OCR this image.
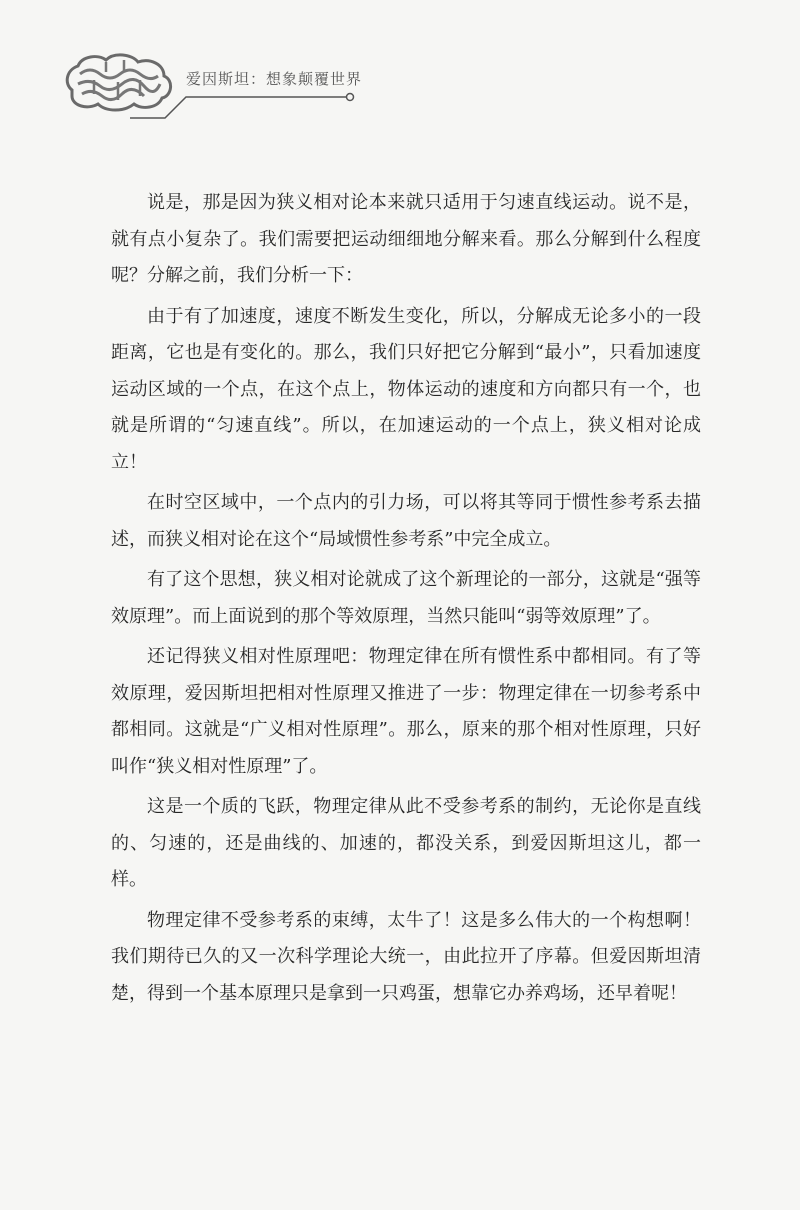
爱因斯坦：想象颠覆世界

说是，那是因为狭义相对论本来就只适用于匀速直线运动。说不是，就有点小复杂了。我们需要把运动细细地分解来看。那么分解到什么程度呢？分解之前，我们分析一下：

由于有了加速度，速度不断发生变化，所以，分解成无论多小的一段距离，它也是有变化的。那么，我们只好把它分解到“最小”，只看加速度运动区域的一个点，在这个点上，物体运动的速度和方向都只有一个，也就是所谓的“匀速直线”。所以，在加速运动的一个点上，狭义相对论成立！

在时空区域中，一个点内的引力场，可以将其等同于惯性参考系去描述，而狭义相对论在这个“局域惯性参考系”中完全成立。

有了这个思想，狭义相对论就成了这个新理论的一部分，这就是“强等效原理”。而上面说到的那个等效原理，当然只能叫“弱等效原理”了。

还记得狭义相对性原理吧：物理定律在所有惯性系中都相同。有了等效原理，爱因斯坦把相对性原理又推进了一步：物理定律在一切参考系中都相同。这就是“广义相对性原理”。那么，原来的那个相对性原理，只好叫作“狭义相对性原理”了。

这是一个质的飞跃，物理定律从此不受参考系的制约，无论你是直线的、匀速的，还是曲线的、加速的，都没关系，到爱因斯坦这儿，都一样。

物理定律不受参考系的束缚，太牛了！这是多么伟大的一个构想啊！我们期待已久的又一次科学理论大统一，由此拉开了序幕。但爱因斯坦清楚，得到一个基本原理只是拿到一只鸡蛋，想靠它办养鸡场，还早着呢！
